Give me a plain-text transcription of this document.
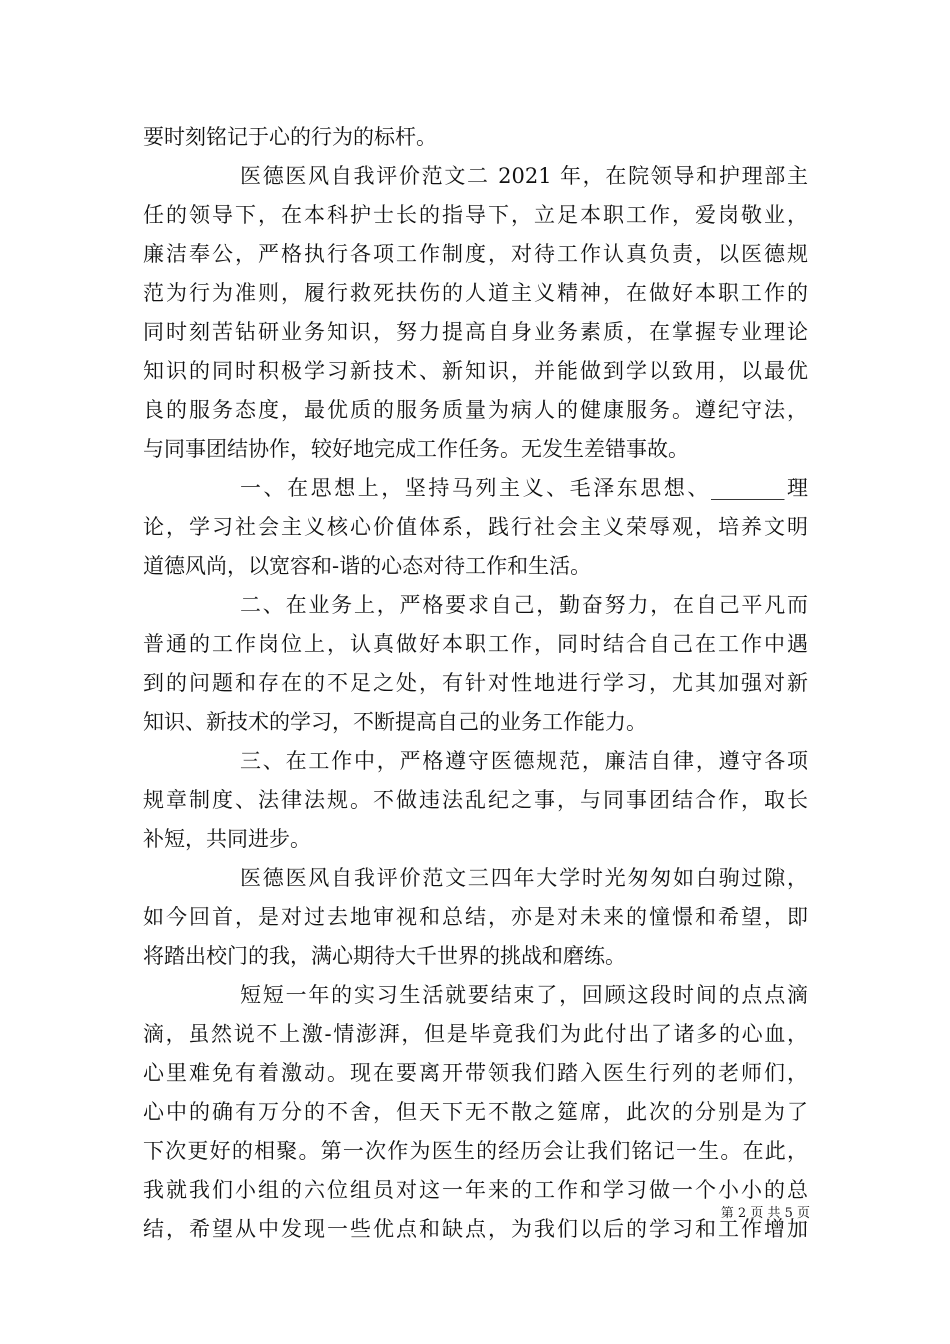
要时刻铭记于心的行为的标杆。
医德医风自我评价范文二 2021 年，在院领导和护理部主
任的领导下，在本科护士长的指导下，立足本职工作，爱岗敬业，
廉洁奉公，严格执行各项工作制度，对待工作认真负责，以医德规
范为行为准则，履行救死扶伤的人道主义精神，在做好本职工作的
同时刻苦钻研业务知识，努力提高自身业务素质，在掌握专业理论
知识的同时积极学习新技术、新知识，并能做到学以致用，以最优
良的服务态度，最优质的服务质量为病人的健康服务。遵纪守法，
与同事团结协作，较好地完成工作任务。无发生差错事故。
一、在思想上，坚持马列主义、毛泽东思想、_______理
论，学习社会主义核心价值体系，践行社会主义荣辱观，培养文明
道德风尚，以宽容和-谐的心态对待工作和生活。
二、在业务上，严格要求自己，勤奋努力，在自己平凡而
普通的工作岗位上，认真做好本职工作，同时结合自己在工作中遇
到的问题和存在的不足之处，有针对性地进行学习，尤其加强对新
知识、新技术的学习，不断提高自己的业务工作能力。
三、在工作中，严格遵守医德规范，廉洁自律，遵守各项
规章制度、法律法规。不做违法乱纪之事，与同事团结合作，取长
补短，共同进步。
医德医风自我评价范文三四年大学时光匆匆如白驹过隙，
如今回首，是对过去地审视和总结，亦是对未来的憧憬和希望，即
将踏出校门的我，满心期待大千世界的挑战和磨练。
短短一年的实习生活就要结束了，回顾这段时间的点点滴
滴，虽然说不上激-情澎湃，但是毕竟我们为此付出了诸多的心血，
心里难免有着激动。现在要离开带领我们踏入医生行列的老师们，
心中的确有万分的不舍，但天下无不散之筵席，此次的分别是为了
下次更好的相聚。第一次作为医生的经历会让我们铭记一生。在此，
我就我们小组的六位组员对这一年来的工作和学习做一个小小的总
结，希望从中发现一些优点和缺点，为我们以后的学习和工作增加
第 2 页 共 5 页
